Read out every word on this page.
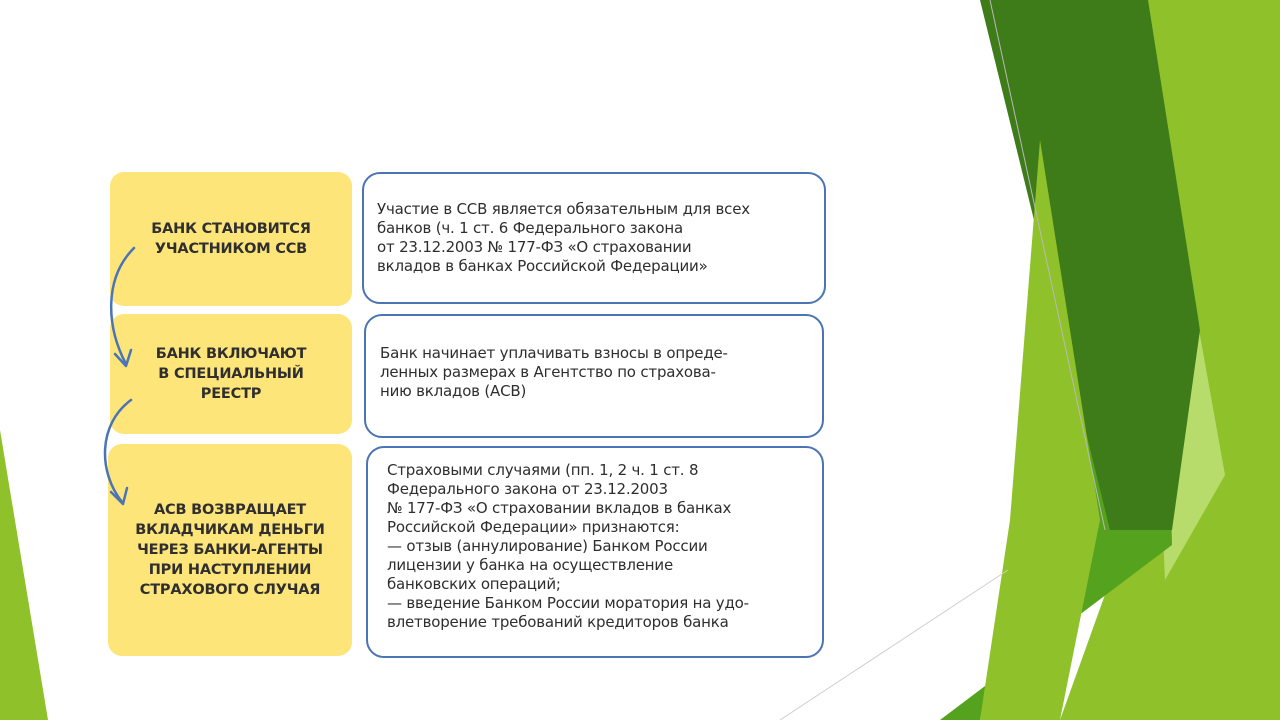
БАНК СТАНОВИТСЯ
УЧАСТНИКОМ ССВ
БАНК ВКЛЮЧАЮТ
В СПЕЦИАЛЬНЫЙ
РЕЕСТР
АСВ ВОЗВРАЩАЕТ
ВКЛАДЧИКАМ ДЕНЬГИ
ЧЕРЕЗ БАНКИ-АГЕНТЫ
ПРИ НАСТУПЛЕНИИ
СТРАХОВОГО СЛУЧАЯ
Участие в ССВ является обязательным для всех
банков (ч. 1 ст. 6 Федерального закона
от 23.12.2003 № 177-ФЗ «О страховании
вкладов в банках Российской Федерации»
Банк начинает уплачивать взносы в опреде-
ленных размерах в Агентство по страхова-
нию вкладов (АСВ)
Страховыми случаями (пп. 1, 2 ч. 1 ст. 8
Федерального закона от 23.12.2003
№ 177-ФЗ «О страховании вкладов в банках
Российской Федерации» признаются:
— отзыв (аннулирование) Банком России
лицензии у банка на осуществление
банковских операций;
— введение Банком России моратория на удо-
влетворение требований кредиторов банка
